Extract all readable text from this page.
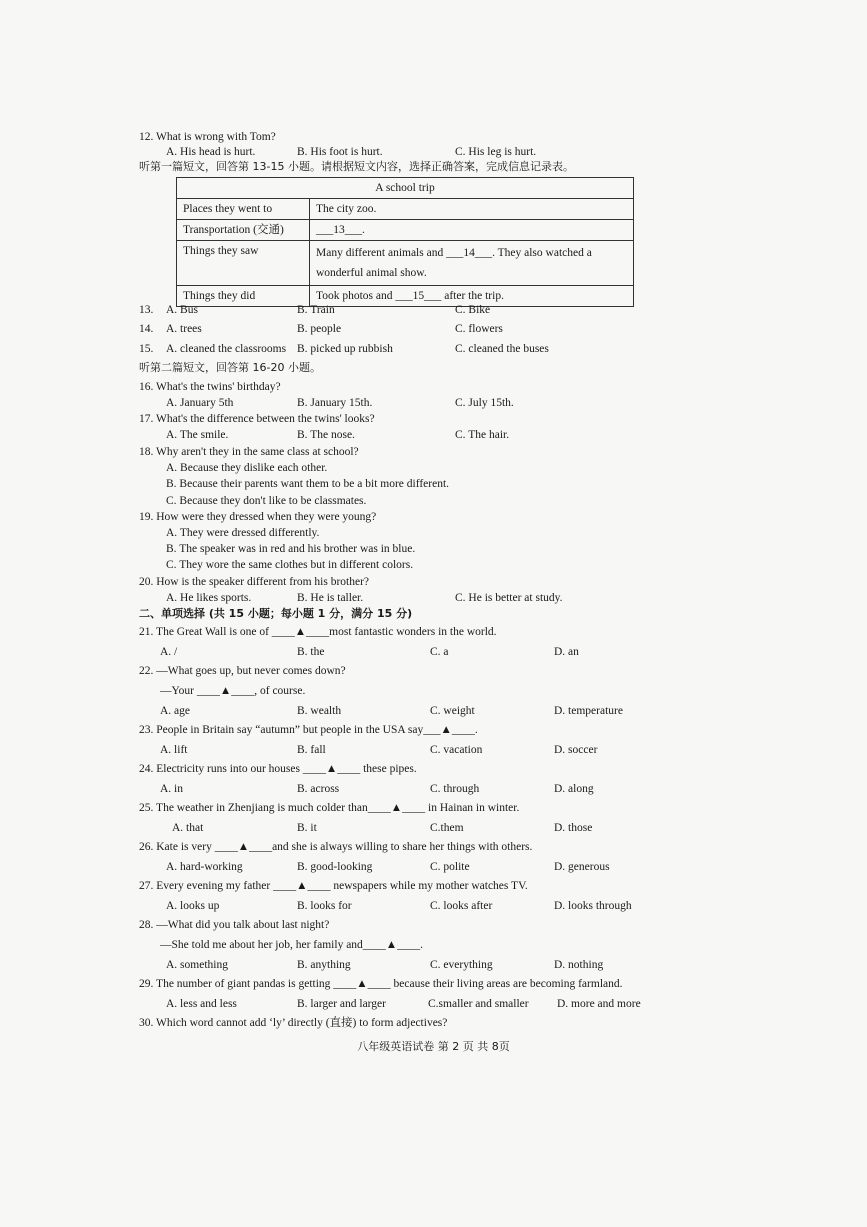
12. What is wrong with Tom?
A. His head is hurt.	B. His foot is hurt.	C. His leg is hurt.
听第一篇短文，回答第 13-15 小题。请根据短文内容，选择正确答案，完成信息记录表。
A school trip	
Places they went to	The city zoo.
Transportation (交通)	___13___.
Things they saw	Many different animals and ___14___. They also watched a wonderful animal show.
Things they did	Took photos and ___15___ after the trip.
13. A. Bus	B. Train	C. Bike
14. A. trees	B. people	C. flowers
15. A. cleaned the classrooms B. picked up rubbish	C. cleaned the buses
听第二篇短文，回答第 16-20 小题。
16. What's the twins' birthday?
A. January 5th	B. January 15th.	C. July 15th.
17. What's the difference between the twins' looks?
A. The smile.	B. The nose.	C. The hair.
18. Why aren't they in the same class at school?
A. Because they dislike each other.
B. Because their parents want them to be a bit more different.
C. Because they don't like to be classmates.
19. How were they dressed when they were young?
A. They were dressed differently.
B. The speaker was in red and his brother was in blue.
C. They wore the same clothes but in different colors.
20. How is the speaker different from his brother?
A. He likes sports.	B. He is taller.	C. He is better at study.
二、单项选择 (共 15 小题；每小题 1 分，满分 15 分)
21. The Great Wall is one of ____▲____most fantastic wonders in the world.
A. /	B. the	C. a	D. an
22. —What goes up, but never comes down?
—Your ____▲____, of course.
A. age	B. wealth	C. weight	D. temperature
23. People in Britain say “autumn” but people in the USA say___▲____.
A. lift	B. fall	C. vacation	D. soccer
24. Electricity runs into our houses ____▲____ these pipes.
A. in	B. across	C. through	D. along
25. The weather in Zhenjiang is much colder than____▲____ in Hainan in winter.
A. that	B. it	C.them	D. those
26. Kate is very ____▲____and she is always willing to share her things with others.
A. hard-working	B. good-looking	C. polite	D. generous
27. Every evening my father ____▲____ newspapers while my mother watches TV.
A. looks up	B. looks for	C. looks after	D. looks through
28. —What did you talk about last night?
—She told me about her job, her family and____▲____.
A. something	B. anything	C. everything	D. nothing
29. The number of giant pandas is getting ____▲____ because their living areas are becoming farmland.
A. less and less	B. larger and larger	C.smaller and smaller D. more and more
30. Which word cannot add ‘ly’ directly (直接) to form adjectives?
八年级英语试卷 第 2 页 共 8页
